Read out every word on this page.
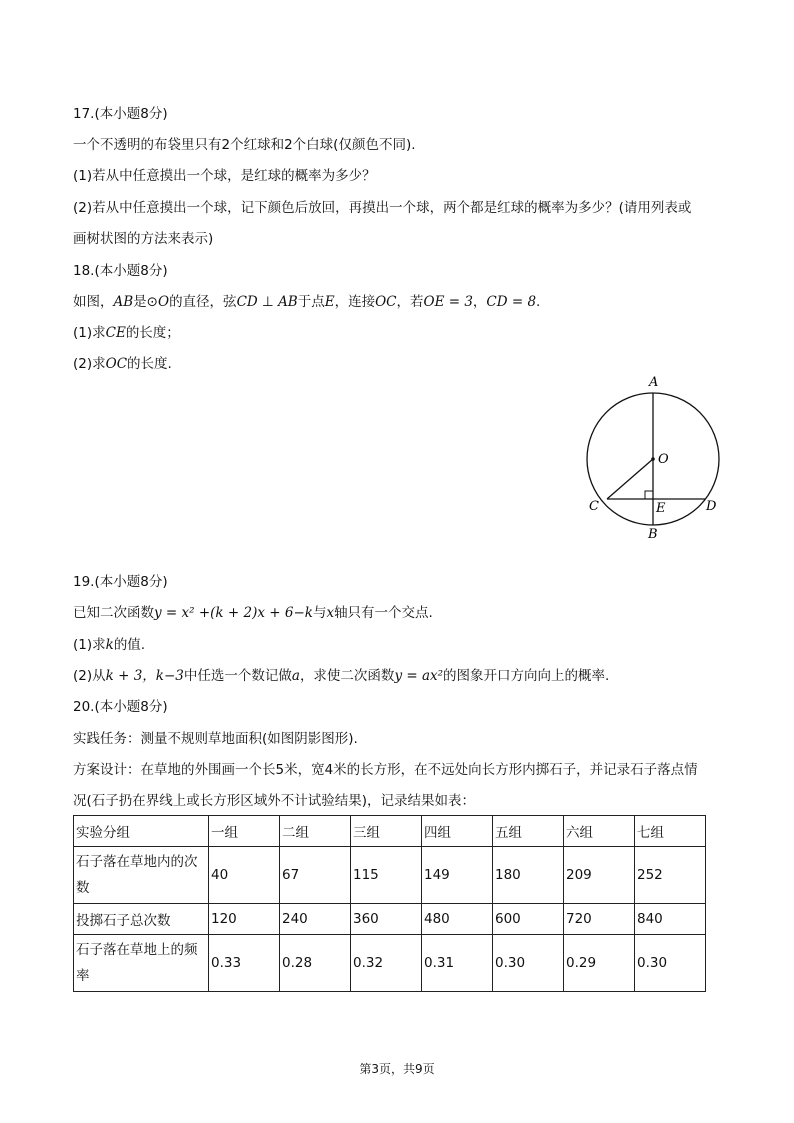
17.(本小题8分)
一个不透明的布袋里只有2个红球和2个白球(仅颜色不同).
(1)若从中任意摸出一个球，是红球的概率为多少？
(2)若从中任意摸出一个球，记下颜色后放回，再摸出一个球，两个都是红球的概率为多少？(请用列表或
画树状图的方法来表示)
18.(本小题8分)
如图，AB是⊙O的直径，弦CD ⊥ AB于点E，连接OC，若OE = 3，CD = 8.
(1)求CE的长度；
(2)求OC的长度.
A
O
C	E	D
B
19.(本小题8分)
已知二次函数y = x² +(k + 2)x + 6−k与x轴只有一个交点.
(1)求k的值.
(2)从k + 3，k−3中任选一个数记做a，求使二次函数y = ax²的图象开口方向向上的概率.
20.(本小题8分)
实践任务：测量不规则草地面积(如图阴影图形).
方案设计：在草地的外围画一个长5米，宽4米的长方形，在不远处向长方形内掷石子，并记录石子落点情
况(石子扔在界线上或长方形区域外不计试验结果)，记录结果如表：
实验分组	一组	二组	三组	四组	五组	六组	七组

石子落在草地内的次数	40	67	115	149	180	209	252
投掷石子总次数	120	240	360	480	600	720	840

石子落在草地上的频率	0.33	0.28	0.32	0.31	0.30	0.29	0.30
第3页，共9页
